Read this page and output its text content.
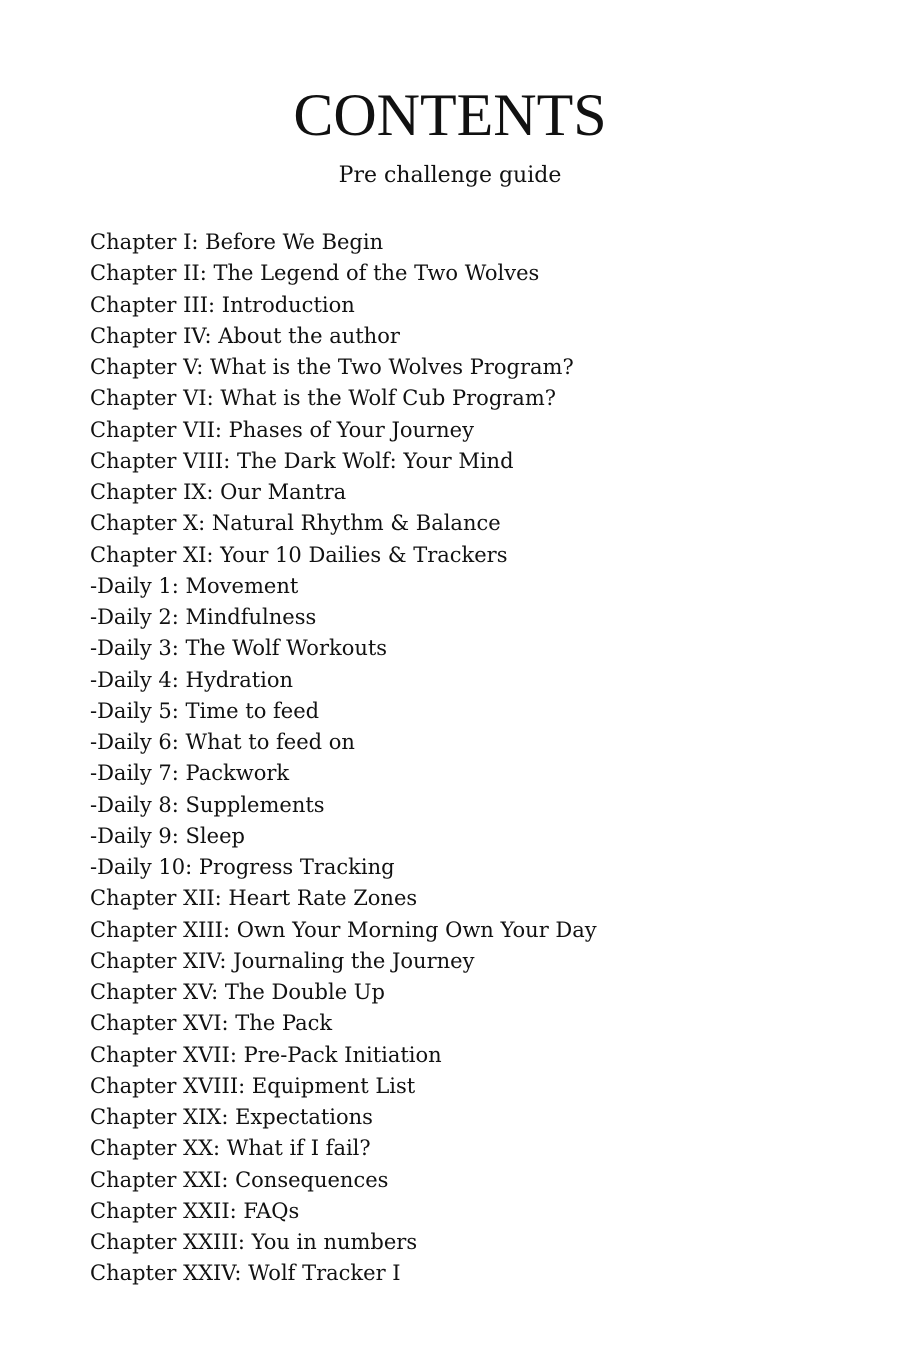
CONTENTS

Pre challenge guide

Chapter I: Before We Begin
Chapter II: The Legend of the Two Wolves
Chapter III: Introduction
Chapter IV: About the author
Chapter V: What is the Two Wolves Program?
Chapter VI: What is the Wolf Cub Program?
Chapter VII: Phases of Your Journey
Chapter VIII: The Dark Wolf: Your Mind
Chapter IX: Our Mantra
Chapter X: Natural Rhythm & Balance
Chapter XI: Your 10 Dailies & Trackers
-Daily 1: Movement
-Daily 2: Mindfulness
-Daily 3: The Wolf Workouts
-Daily 4: Hydration
-Daily 5: Time to feed
-Daily 6: What to feed on
-Daily 7: Packwork
-Daily 8: Supplements
-Daily 9: Sleep
-Daily 10: Progress Tracking
Chapter XII: Heart Rate Zones
Chapter XIII: Own Your Morning Own Your Day
Chapter XIV: Journaling the Journey
Chapter XV: The Double Up
Chapter XVI: The Pack
Chapter XVII: Pre-Pack Initiation
Chapter XVIII: Equipment List
Chapter XIX: Expectations
Chapter XX: What if I fail?
Chapter XXI: Consequences
Chapter XXII: FAQs
Chapter XXIII: You in numbers
Chapter XXIV: Wolf Tracker I
